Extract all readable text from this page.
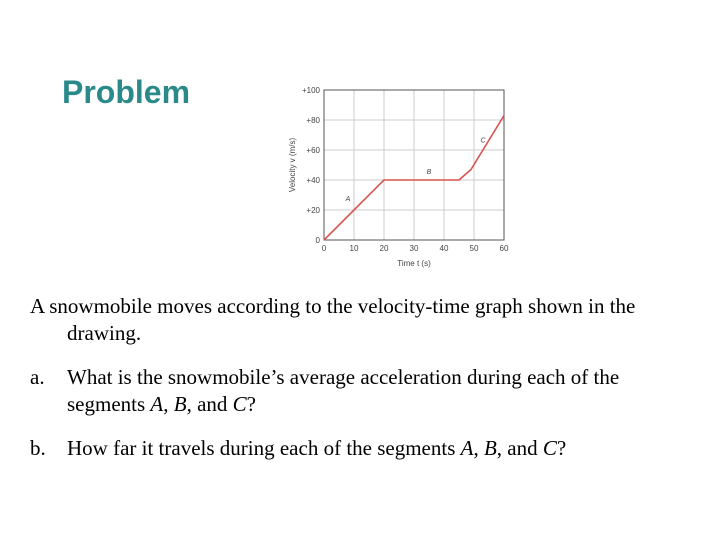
Problem
0	10	20	30	40	50	60
0
+20
+40
+60
+80
+100
Time t (s)
Velocity v (m/s)
A
B
C

A snowmobile moves according to the velocity-time graph shown in the drawing.

a. What is the snowmobile’s average acceleration during each of the segments A, B, and C?

b. How far it travels during each of the segments A, B, and C?
